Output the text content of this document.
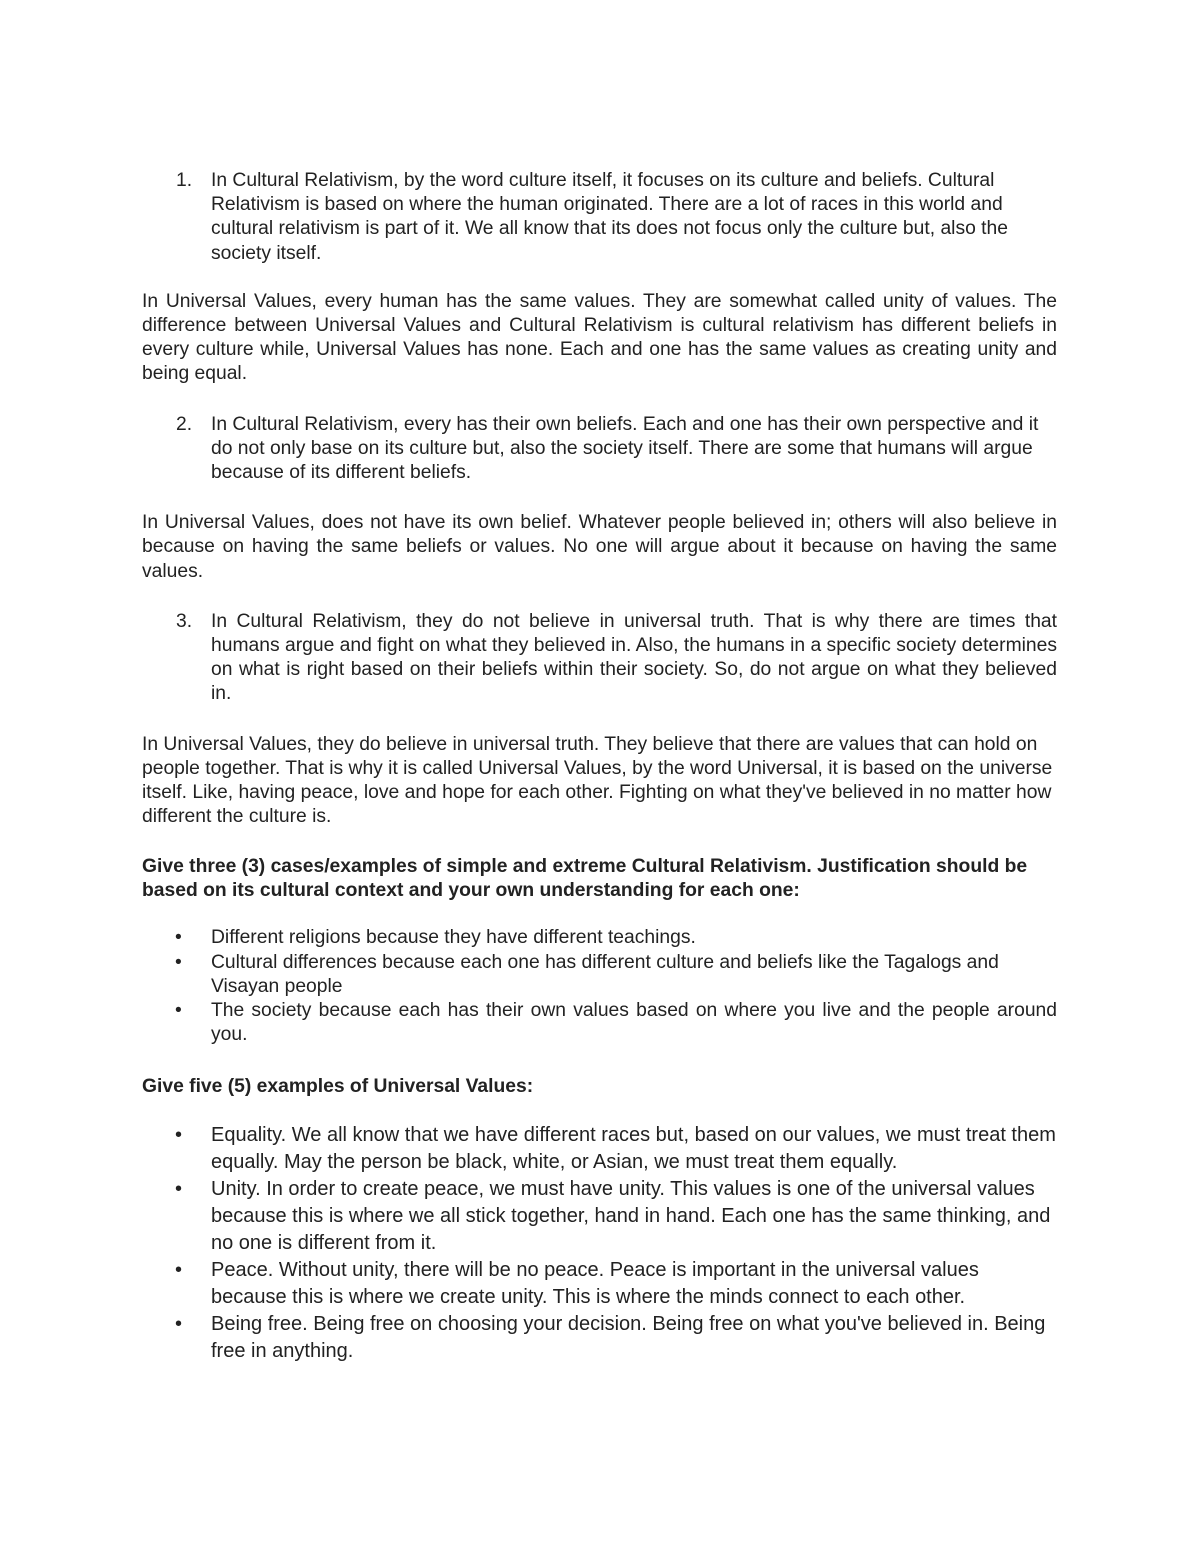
1. In Cultural Relativism, by the word culture itself, it focuses on its culture and beliefs. Cultural Relativism is based on where the human originated. There are a lot of races in this world and cultural relativism is part of it. We all know that its does not focus only the culture but, also the society itself.

In Universal Values, every human has the same values. They are somewhat called unity of values. The difference between Universal Values and Cultural Relativism is cultural relativism has different beliefs in every culture while, Universal Values has none. Each and one has the same values as creating unity and being equal.

2. In Cultural Relativism, every has their own beliefs. Each and one has their own perspective and it do not only base on its culture but, also the society itself. There are some that humans will argue because of its different beliefs.

In Universal Values, does not have its own belief. Whatever people believed in; others will also believe in because on having the same beliefs or values. No one will argue about it because on having the same values.

3. In Cultural Relativism, they do not believe in universal truth. That is why there are times that humans argue and fight on what they believed in. Also, the humans in a specific society determines on what is right based on their beliefs within their society. So, do not argue on what they believed in.

In Universal Values, they do believe in universal truth. They believe that there are values that can hold on people together. That is why it is called Universal Values, by the word Universal, it is based on the universe itself. Like, having peace, love and hope for each other. Fighting on what they've believed in no matter how different the culture is.

Give three (3) cases/examples of simple and extreme Cultural Relativism. Justification should be based on its cultural context and your own understanding for each one:

• Different religions because they have different teachings.
• Cultural differences because each one has different culture and beliefs like the Tagalogs and Visayan people
• The society because each has their own values based on where you live and the people around you.

Give five (5) examples of Universal Values:

• Equality. We all know that we have different races but, based on our values, we must treat them equally. May the person be black, white, or Asian, we must treat them equally.
• Unity. In order to create peace, we must have unity. This values is one of the universal values because this is where we all stick together, hand in hand. Each one has the same thinking, and no one is different from it.
• Peace. Without unity, there will be no peace. Peace is important in the universal values because this is where we create unity. This is where the minds connect to each other.
• Being free. Being free on choosing your decision. Being free on what you've believed in. Being free in anything.
